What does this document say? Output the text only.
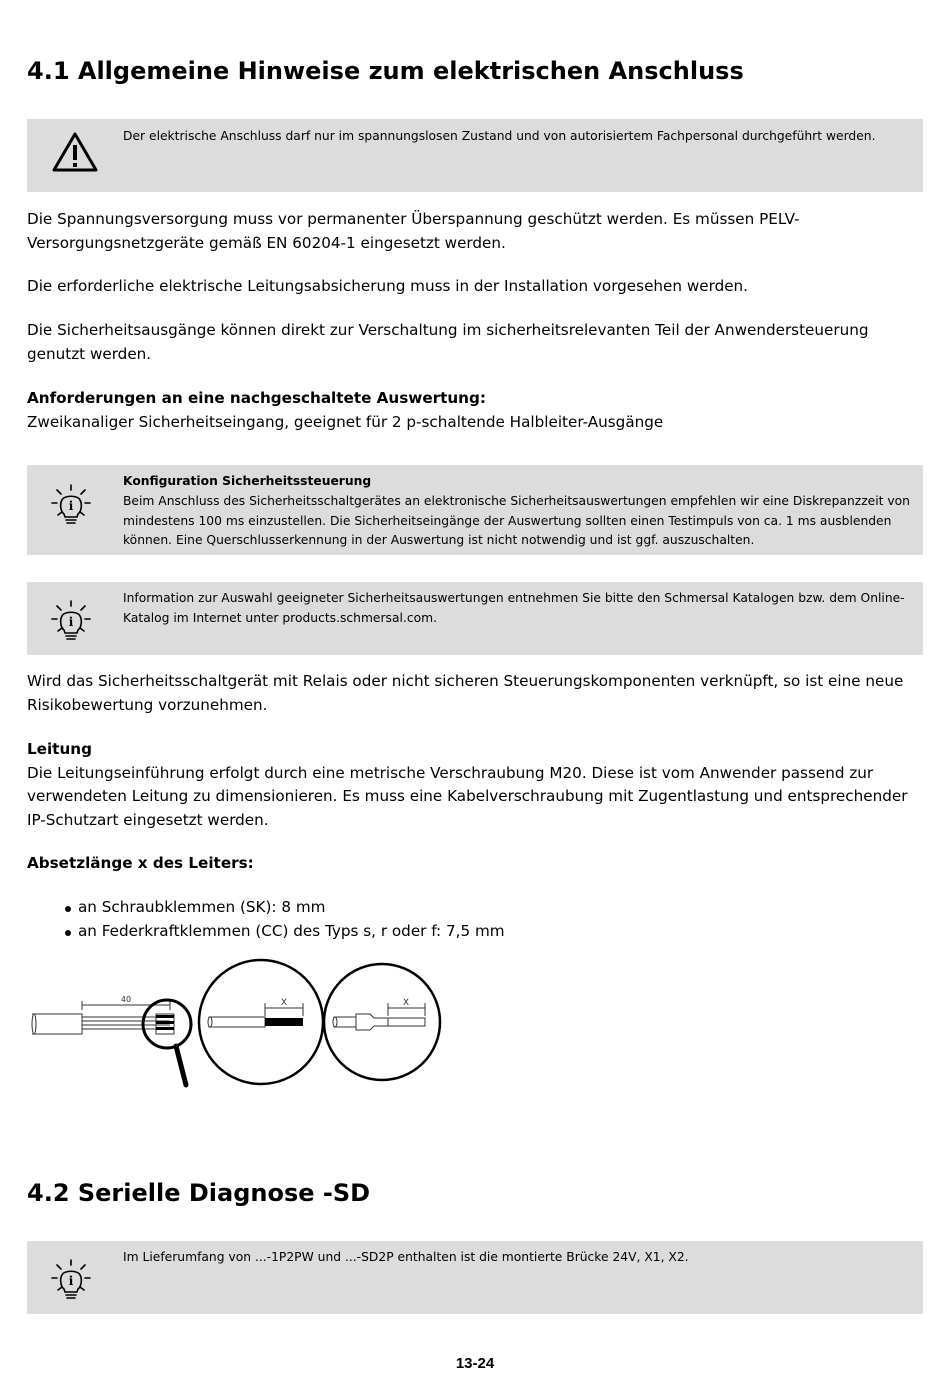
4.1 Allgemeine Hinweise zum elektrischen Anschluss
Der elektrische Anschluss darf nur im spannungslosen Zustand und von autorisiertem Fachpersonal durchgeführt werden.

Die Spannungsversorgung muss vor permanenter Überspannung geschützt werden. Es müssen PELV-Versorgungsnetzgeräte gemäß EN 60204-1 eingesetzt werden.

Die erforderliche elektrische Leitungsabsicherung muss in der Installation vorgesehen werden.

Die Sicherheitsausgänge können direkt zur Verschaltung im sicherheitsrelevanten Teil der Anwendersteuerung genutzt werden.

Anforderungen an eine nachgeschaltete Auswertung:
Zweikanaliger Sicherheitseingang, geeignet für 2 p-schaltende Halbleiter-Ausgänge

i
Konfiguration Sicherheitssteuerung
Beim Anschluss des Sicherheitsschaltgerätes an elektronische Sicherheitsauswertungen empfehlen wir eine Diskrepanzzeit von mindestens 100 ms einzustellen. Die Sicherheitseingänge der Auswertung sollten einen Testimpuls von ca. 1 ms ausblenden können. Eine Querschlusserkennung in der Auswertung ist nicht notwendig und ist ggf. auszuschalten.
i
Information zur Auswahl geeigneter Sicherheitsauswertungen entnehmen Sie bitte den Schmersal Katalogen bzw. dem Online-Katalog im Internet unter products.schmersal.com.

Wird das Sicherheitsschaltgerät mit Relais oder nicht sicheren Steuerungskomponenten verknüpft, so ist eine neue Risikobewertung vorzunehmen.

Leitung
Die Leitungseinführung erfolgt durch eine metrische Verschraubung M20. Diese ist vom Anwender passend zur verwendeten Leitung zu dimensionieren. Es muss eine Kabelverschraubung mit Zugentlastung und entsprechender IP-Schutzart eingesetzt werden.

Absetzlänge x des Leiters:

an Schraubklemmen (SK): 8 mm
an Federkraftklemmen (CC) des Typs s, r oder f: 7,5 mm
40	X	X
4.2 Serielle Diagnose -SD
i
Im Lieferumfang von ...-1P2PW und ...-SD2P enthalten ist die montierte Brücke 24V, X1, X2.
13-24
